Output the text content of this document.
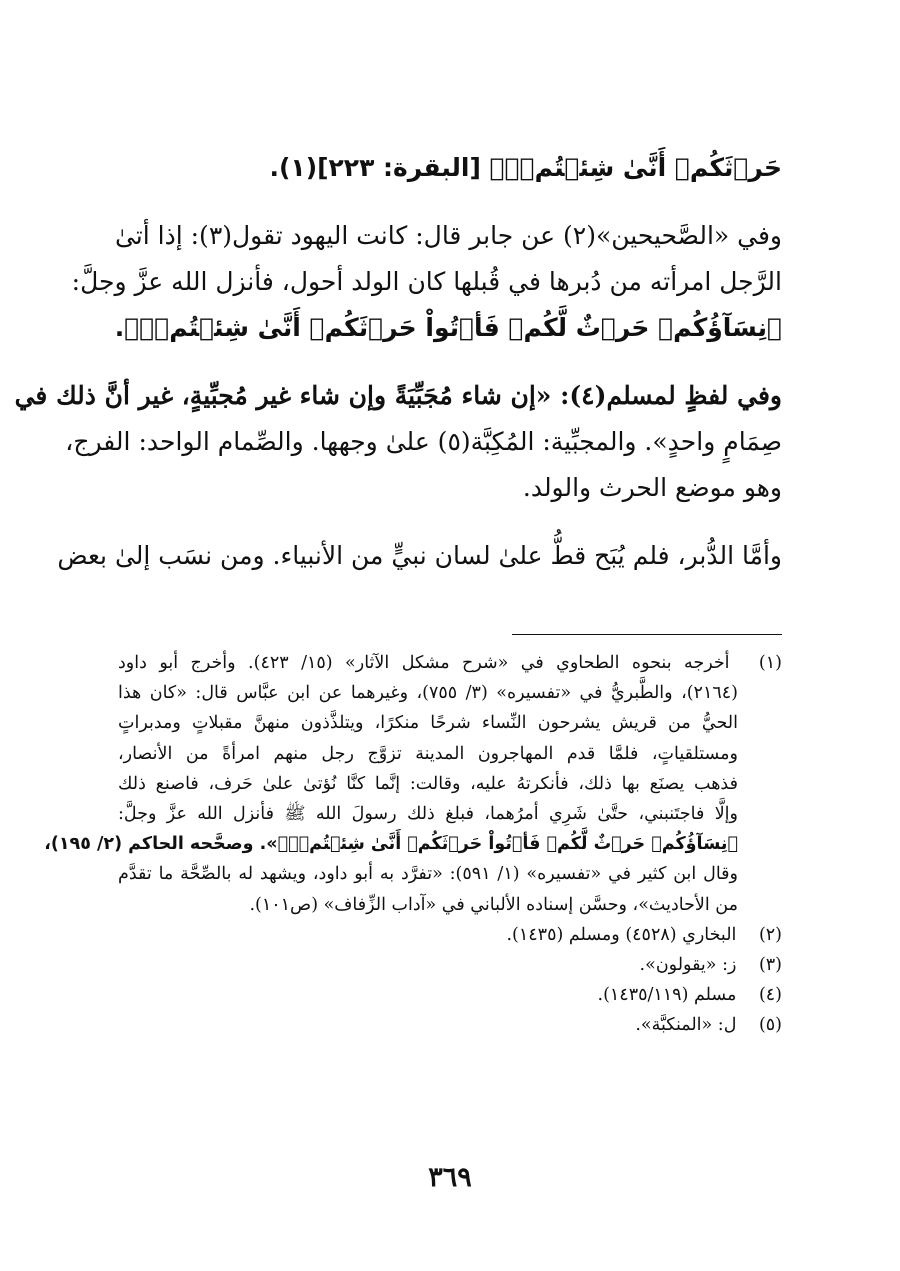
حَرۡثَكُمۡ أَنَّىٰ شِئۡتُمۡۖ﴾ [البقرة: ٢٢٣](١).
وفي «الصَّحيحين»(٢) عن جابر قال: كانت اليهود تقول(٣): إذا أتىٰ
الرَّجل امرأته من دُبرها في قُبلها كان الولد أحول، فأنزل الله عزَّ وجلَّ:
﴿نِسَآؤُكُمۡ حَرۡثٌ لَّكُمۡ فَأۡتُواْ حَرۡثَكُمۡ أَنَّىٰ شِئۡتُمۡۖ﴾.
وفي لفظٍ لمسلم(٤): «إن شاء مُجَبِّيَةً وإن شاء غير مُجبِّيةٍ، غير أنَّ ذلك في
صِمَامٍ واحدٍ». والمجبِّية: المُكِبَّة(٥) علىٰ وجهها. والصِّمام الواحد: الفرج،
وهو موضع الحرث والولد.
وأمَّا الدُّبر، فلم يُبَح قطُّ علىٰ لسان نبيٍّ من الأنبياء. ومن نسَب إلىٰ بعض
(١) أخرجه بنحوه الطحاوي في «شرح مشكل الآثار» (١٥/ ٤٢٣). وأخرج أبو داود
(٢١٦٤)، والطَّبريُّ في «تفسيره» (٣/ ٧٥٥)، وغيرهما عن ابن عبَّاس قال: «كان هذا
الحيُّ من قريش يشرحون النِّساء شرحًا منكرًا، ويتلذَّذون منهنَّ مقبلاتٍ ومدبراتٍ
ومستلقياتٍ، فلمَّا قدم المهاجرون المدينة تزوَّج رجل منهم امرأةً من الأنصار،
فذهب يصنَع بها ذلك، فأنكرتهُ عليه، وقالت: إنَّما كنَّا نُؤتىٰ علىٰ حَرف، فاصنع ذلك
وإلَّا فاجتَنبني، حتَّىٰ شَرِي أمرُهما، فبلغ ذلك رسولَ الله ﷺ فأنزل الله عزَّ وجلَّ:
﴿نِسَآؤُكُمۡ حَرۡثٌ لَّكُمۡ فَأۡتُواْ حَرۡثَكُمۡ أَنَّىٰ شِئۡتُمۡۖ﴾». وصحَّحه الحاكم (٢/ ١٩٥)،
وقال ابن كثير في «تفسيره» (١/ ٥٩١): «تفرَّد به أبو داود، ويشهد له بالصِّحَّة ما تقدَّم
من الأحاديث»، وحسَّن إسناده الألباني في «آداب الزِّفاف» (ص١٠١).
(٢) البخاري (٤٥٢٨) ومسلم (١٤٣٥).
(٣) ز: «يقولون».
(٤) مسلم (١٤٣٥/١١٩).
(٥) ل: «المنكبَّة».
٣٦٩
